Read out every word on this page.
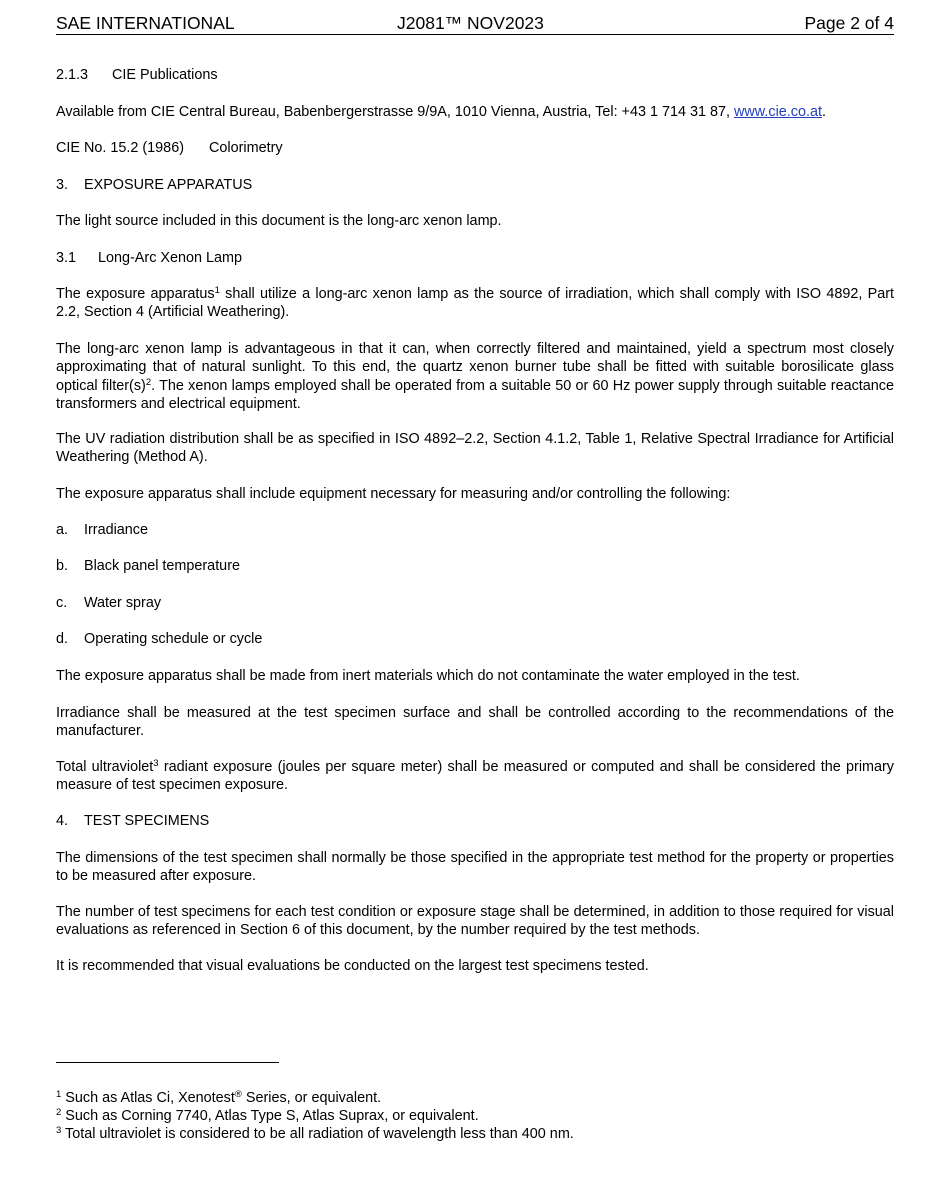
SAE INTERNATIONAL	J2081™ NOV2023	Page 2 of 4
2.1.3 CIE Publications
Available from CIE Central Bureau, Babenbergerstrasse 9/9A, 1010 Vienna, Austria, Tel: +43 1 714 31 87, www.cie.co.at.
CIE No. 15.2 (1986) Colorimetry
3. EXPOSURE APPARATUS
The light source included in this document is the long-arc xenon lamp.
3.1 Long-Arc Xenon Lamp
The exposure apparatus$^1$ shall utilize a long-arc xenon lamp as the source of irradiation, which shall comply with ISO 4892, Part 2.2, Section 4 (Artificial Weathering).
The long-arc xenon lamp is advantageous in that it can, when correctly filtered and maintained, yield a spectrum most closely approximating that of natural sunlight. To this end, the quartz xenon burner tube shall be fitted with suitable borosilicate glass optical $filter(s)^2$. The xenon lamps employed shall be operated from a suitable 50 or 60 Hz power supply through suitable reactance transformers and electrical equipment.
The UV radiation distribution shall be as specified in ISO 4892–2.2, Section 4.1.2, Table 1, Relative Spectral Irradiance for Artificial Weathering (Method A).
The exposure apparatus shall include equipment necessary for measuring and/or controlling the following:
a. Irradiance
b. Black panel temperature
c. Water spray
d. Operating schedule or cycle
The exposure apparatus shall be made from inert materials which do not contaminate the water employed in the test.
Irradiance shall be measured at the test specimen surface and shall be controlled according to the recommendations of the manufacturer.
Total ultraviolet$^3$ radiant exposure (joules per square meter) shall be measured or computed and shall be considered the primary measure of test specimen exposure.
4. TEST SPECIMENS
The dimensions of the test specimen shall normally be those specified in the appropriate test method for the property or properties to be measured after exposure.
The number of test specimens for each test condition or exposure stage shall be determined, in addition to those required for visual evaluations as referenced in Section 6 of this document, by the number required by the test methods.
It is recommended that visual evaluations be conducted on the largest test specimens tested.
$^1$ Such as Atlas Ci, Xenotest® Series, or equivalent.
$^2$ Such as Corning 7740, Atlas Type S, Atlas Suprax, or equivalent.
$^3$ Total ultraviolet is considered to be all radiation of wavelength less than 400 nm.
